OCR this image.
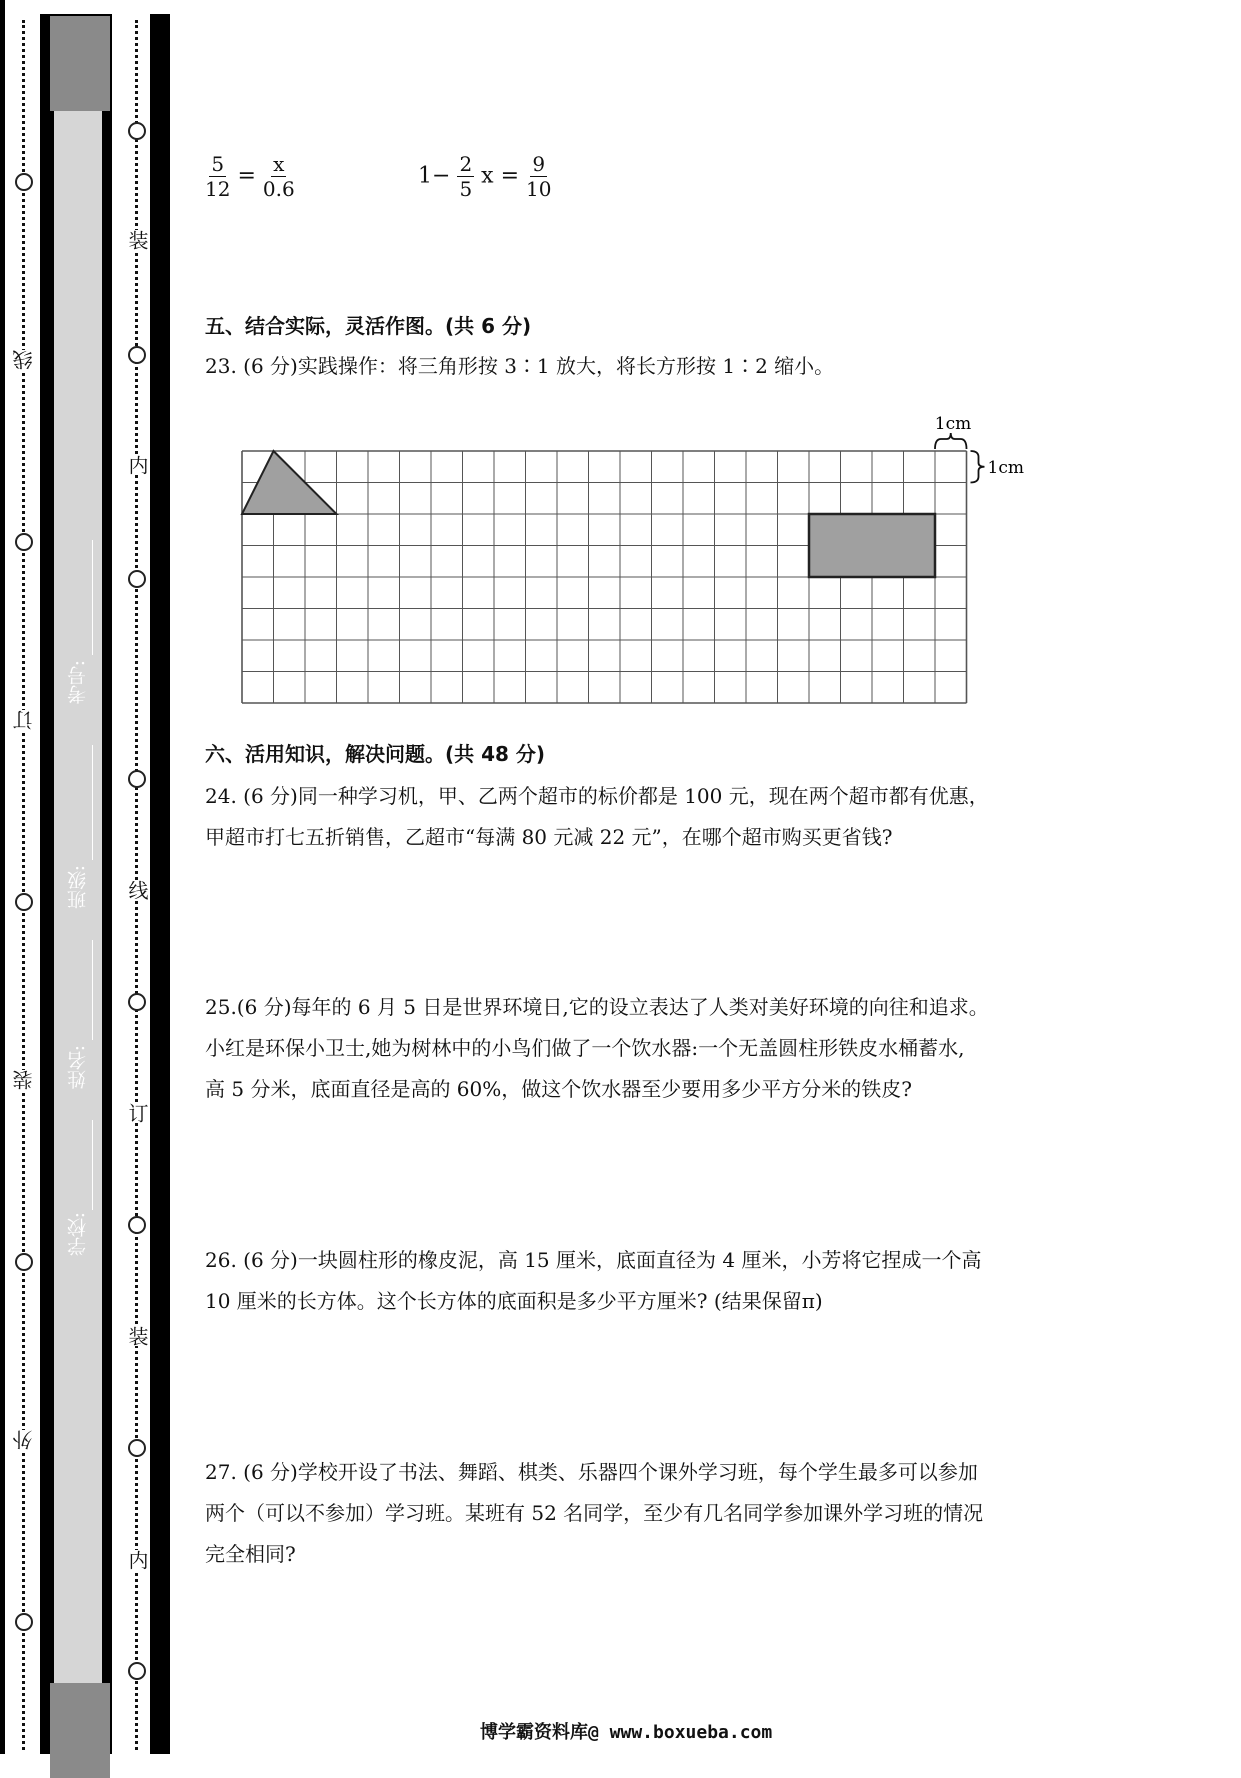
线
订
装
外
装
内
线
订
装
内
学校:
姓名:
班级:
考号:
$\frac{5}{12} = \frac{x}{0.6}$	$1- \frac{2}{5}$ $x = \frac{9}{10}$
五、结合实际，灵活作图。(共 6 分)
23. (6 分)实践操作：将三角形按 3∶1 放大，将长方形按 1∶2 缩小。
1cm
1cm
六、活用知识，解决问题。(共 48 分)
24. (6 分)同一种学习机，甲、乙两个超市的标价都是 100 元，现在两个超市都有优惠，
甲超市打七五折销售，乙超市“每满 80 元减 22 元”，在哪个超市购买更省钱?
25.(6 分)每年的 6 月 5 日是世界环境日,它的设立表达了人类对美好环境的向往和追求。
小红是环保小卫士,她为树林中的小鸟们做了一个饮水器:一个无盖圆柱形铁皮水桶蓄水,
高 5 分米，底面直径是高的 60%，做这个饮水器至少要用多少平方分米的铁皮?
26. (6 分)一块圆柱形的橡皮泥，高 15 厘米，底面直径为 4 厘米，小芳将它捏成一个高
10 厘米的长方体。这个长方体的底面积是多少平方厘米? (结果保留π)
27. (6 分)学校开设了书法、舞蹈、棋类、乐器四个课外学习班，每个学生最多可以参加
两个（可以不参加）学习班。某班有 52 名同学，至少有几名同学参加课外学习班的情况
完全相同?
博学霸资料库@ www.boxueba.com
